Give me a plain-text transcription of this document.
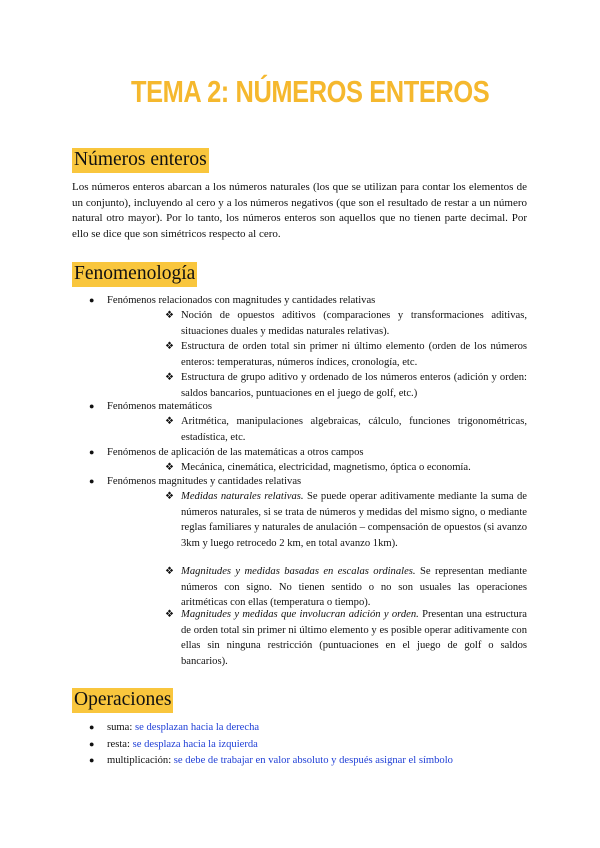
TEMA 2: NÚMEROS ENTEROS
Números enteros
Los números enteros abarcan a los números naturales (los que se utilizan para contar los elementos de un conjunto), incluyendo al cero y a los números negativos (que son el resultado de restar a un número natural otro mayor). Por lo tanto, los números enteros son aquellos que no tienen parte decimal. Por ello se dice que son simétricos respecto al cero.
Fenomenología
● Fenómenos relacionados con magnitudes y cantidades relativas
❖ Noción de opuestos aditivos (comparaciones y transformaciones aditivas, situaciones duales y medidas naturales relativas).
❖ Estructura de orden total sin primer ni último elemento (orden de los números enteros: temperaturas, números índices, cronología, etc.
❖ Estructura de grupo aditivo y ordenado de los números enteros (adición y orden: saldos bancarios, puntuaciones en el juego de golf, etc.)
● Fenómenos matemáticos
❖ Aritmética, manipulaciones algebraicas, cálculo, funciones trigonométricas, estadística, etc.
● Fenómenos de aplicación de las matemáticas a otros campos
❖ Mecánica, cinemática, electricidad, magnetismo, óptica o economía.
● Fenómenos magnitudes y cantidades relativas
❖ Medidas naturales relativas. Se puede operar aditivamente mediante la suma de números naturales, si se trata de números y medidas del mismo signo, o mediante reglas familiares y naturales de anulación – compensación de opuestos (si avanzo 3km y luego retrocedo 2 km, en total avanzo 1km).
❖ Magnitudes y medidas basadas en escalas ordinales. Se representan mediante números con signo. No tienen sentido o no son usuales las operaciones aritméticas con ellas (temperatura o tiempo).
❖ Magnitudes y medidas que involucran adición y orden. Presentan una estructura de orden total sin primer ni último elemento y es posible operar aditivamente con ellas sin ninguna restricción (puntuaciones en el juego de golf o saldos bancarios).
Operaciones
● suma: se desplazan hacia la derecha
● resta: se desplaza hacia la izquierda
● multiplicación: se debe de trabajar en valor absoluto y después asignar el símbolo
